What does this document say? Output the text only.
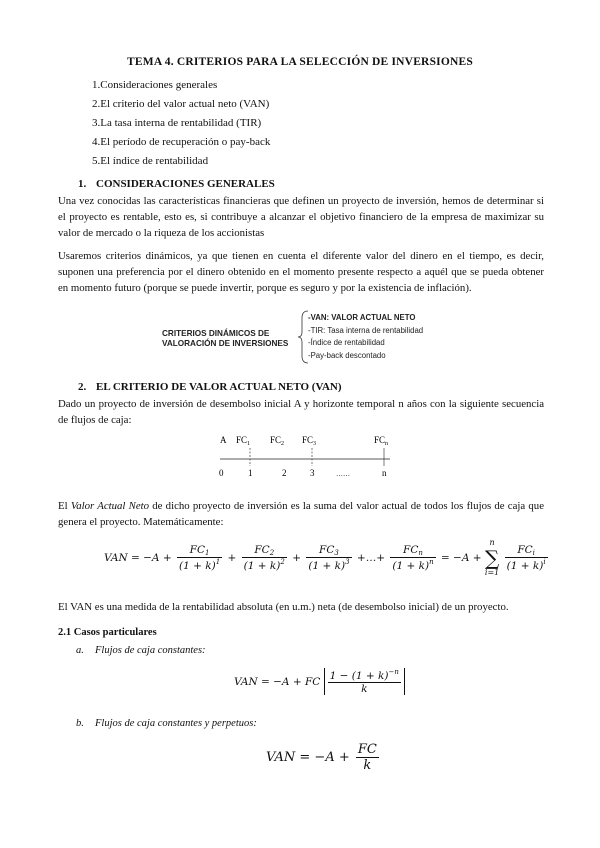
TEMA 4. CRITERIOS PARA LA SELECCIÓN DE INVERSIONES
1.Consideraciones generales
2.El criterio del valor actual neto (VAN)
3.La tasa interna de rentabilidad (TIR)
4.El período de recuperación o pay-back
5.El índice de rentabilidad
1. CONSIDERACIONES GENERALES
Una vez conocidas las características financieras que definen un proyecto de inversión, hemos de determinar si el proyecto es rentable, esto es, si contribuye a alcanzar el objetivo financiero de la empresa de maximizar su valor de mercado o la riqueza de los accionistas
Usaremos criterios dinámicos, ya que tienen en cuenta el diferente valor del dinero en el tiempo, es decir, suponen una preferencia por el dinero obtenido en el momento presente respecto a aquél que se pueda obtener en momento futuro (porque se puede invertir, porque es seguro y por la existencia de inflación).
CRITERIOS DINÁMICOS DE
VALORACIÓN DE INVERSIONES
-VAN: VALOR ACTUAL NETO
-TIR: Tasa interna de rentabilidad
-Índice de rentabilidad
-Pay-back descontado
2. EL CRITERIO DE VALOR ACTUAL NETO (VAN)
Dado un proyecto de inversión de desembolso inicial A y horizonte temporal n años con la siguiente secuencia de flujos de caja:
A $FC_1$ $FC_2$ $FC_3$	$FC_n$
0	1	2	3	……	n
El Valor Actual Neto de dicho proyecto de inversión es la suma del valor actual de todos los flujos de caja que genera el proyecto. Matemáticamente:
VAN = $-A + \frac{FC_1}{(1 + k)^1} + \frac{FC_2}{(1 + k)^2} + \frac{FC_3}{(1 + k)^3}$ +…+ $\frac{FC_n}{(1 + k)^n} = -A$ +
n
∑
i=1

$\frac{FC_i}{(1 + k)^i}$
El VAN es una medida de la rentabilidad absoluta (en u.m.) neta (de desembolso inicial) de un proyecto.
2.1 Casos particulares
a. Flujos de caja constantes:
VAN = −A + FC $\frac{1 - (1 + k)^{-n}}{k}$
b. Flujos de caja constantes y perpetuos:
VAN = $-A + \frac{FC}{k}$
